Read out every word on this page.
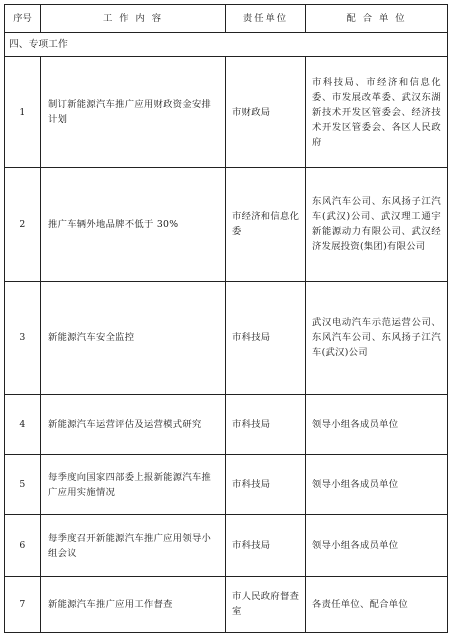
序号	工 作 内 容	责任单位	配 合 单 位
四、专项工作			
1	制订新能源汽车推广应用财政资金安排计划	市财政局	市科技局、市经济和信息化委、市发展改革委、武汉东湖新技术开发区管委会、经济技术开发区管委会、各区人民政府
2	推广车辆外地品牌不低于 30%	市经济和信息化委	东风汽车公司、东风扬子江汽车(武汉)公司、武汉理工通宇新能源动力有限公司、武汉经济发展投资(集团)有限公司
3	新能源汽车安全监控	市科技局	武汉电动汽车示范运营公司、东风汽车公司、东风扬子江汽车(武汉)公司
4	新能源汽车运营评估及运营模式研究	市科技局	领导小组各成员单位
5	每季度向国家四部委上报新能源汽车推广应用实施情况	市科技局	领导小组各成员单位
6	每季度召开新能源汽车推广应用领导小组会议	市科技局	领导小组各成员单位
7	新能源汽车推广应用工作督查	市人民政府督查室	各责任单位、配合单位
